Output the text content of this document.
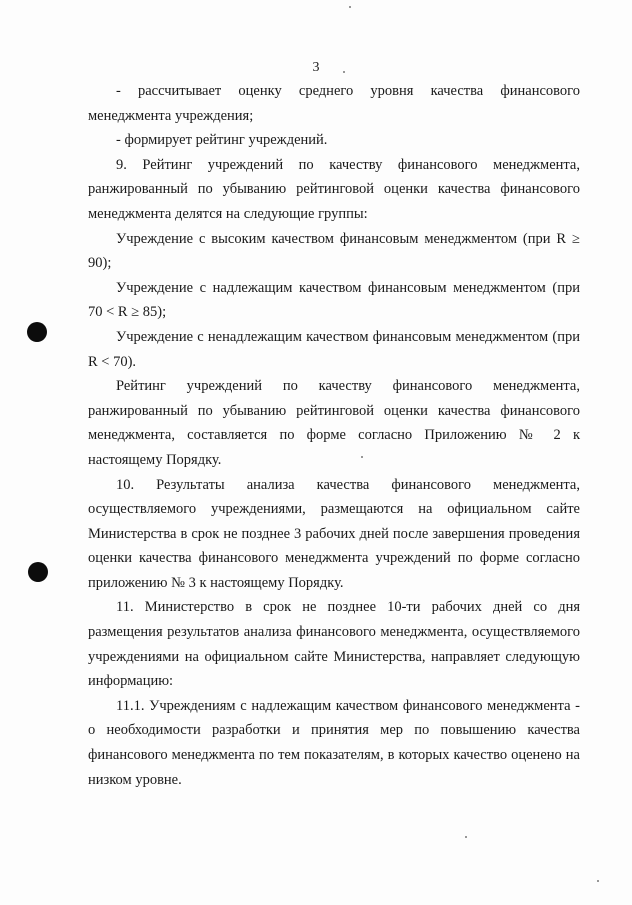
3

- рассчитывает оценку среднего уровня качества финансового менеджмента учреждения;

- формирует рейтинг учреждений.

9. Рейтинг учреждений по качеству финансового менеджмента, ранжированный по убыванию рейтинговой оценки качества финансового менеджмента делятся на следующие группы:

Учреждение с высоким качеством финансовым менеджментом (при R ≥ 90);

Учреждение с надлежащим качеством финансовым менеджментом (при 70 < R ≥ 85);

Учреждение с ненадлежащим качеством финансовым менеджментом (при R < 70).

Рейтинг учреждений по качеству финансового менеджмента, ранжированный по убыванию рейтинговой оценки качества финансового менеджмента, составляется по форме согласно Приложению № 2 к настоящему Порядку.

10. Результаты анализа качества финансового менеджмента, осуществляемого учреждениями, размещаются на официальном сайте Министерства в срок не позднее 3 рабочих дней после завершения проведения оценки качества финансового менеджмента учреждений по форме согласно приложению № 3 к настоящему Порядку.

11. Министерство в срок не позднее 10-ти рабочих дней со дня размещения результатов анализа финансового менеджмента, осуществляемого учреждениями на официальном сайте Министерства, направляет следующую информацию:

11.1. Учреждениям с надлежащим качеством финансового менеджмента - о необходимости разработки и принятия мер по повышению качества финансового менеджмента по тем показателям, в которых качество оценено на низком уровне.
